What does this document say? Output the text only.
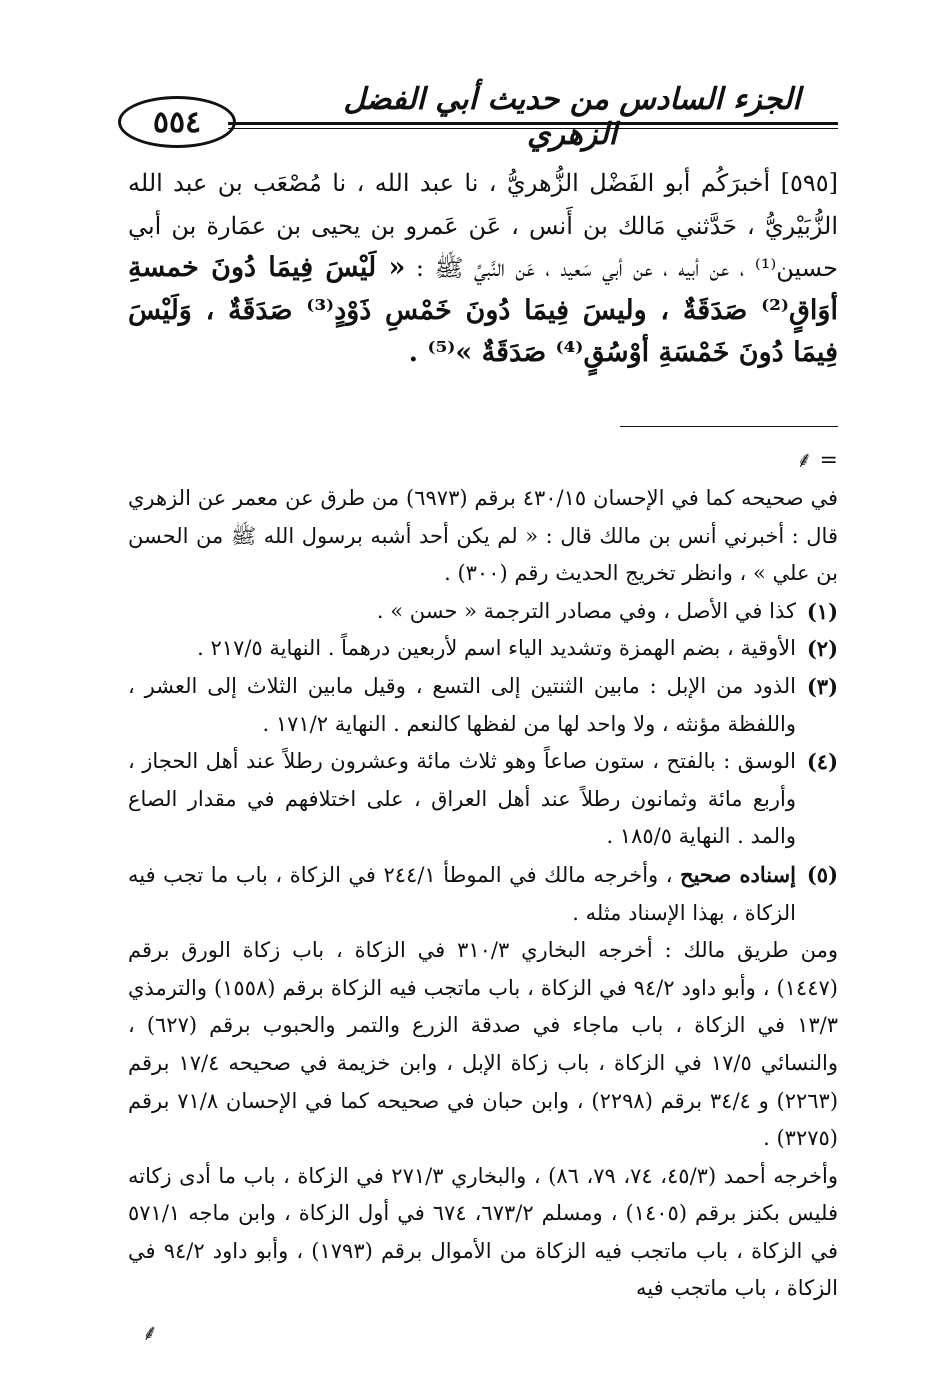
٥٥٤
الجزء السادس من حديث أبي الفضل الزهري

[٥٩٥] أخبرَكُم أبو الفَضْل الزُّهريُّ ، نا عبد الله ، نا مُصْعَب بن عبد الله الزُّبَيْريُّ ، حَدَّثني مَالك بن أَنس ، عَن عَمرو بن يحيى بن عمَارة بن أبي حسين⁽¹⁾ ، عن أبيه ، عن أبي سَعيد ، عَن النَّبيِّ ﷺ : « لَيْسَ فِيمَا دُونَ خمسةِ أوَاقٍ⁽²⁾ صَدَقَةٌ ، وليسَ فِيمَا دُونَ خَمْسِ ذَوْدٍ⁽³⁾ صَدَقَةٌ ، وَلَيْسَ فِيمَا دُونَ خَمْسَةِ أوْسُقٍ⁽⁴⁾ صَدَقَةٌ »⁽⁵⁾ .

= ⸙

في صحيحه كما في الإحسان ٤٣٠/١٥ برقم (٦٩٧٣) من طرق عن معمر عن الزهري قال : أخبرني أنس بن مالك قال : « لم يكن أحد أشبه برسول الله ﷺ من الحسن بن علي » ، وانظر تخريج الحديث رقم (٣٠٠) .

(١)

كذا في الأصل ، وفي مصادر الترجمة « حسن » .

(٢)

الأوقية ، بضم الهمزة وتشديد الياء اسم لأربعين درهماً . النهاية ٢١٧/٥ .

(٣)

الذود من الإبل : مابين الثنتين إلى التسع ، وقيل مابين الثلاث إلى العشر ، واللفظة مؤنثه ، ولا واحد لها من لفظها كالنعم . النهاية ١٧١/٢ .

(٤)

الوسق : بالفتح ، ستون صاعاً وهو ثلاث مائة وعشرون رطلاً عند أهل الحجاز ، وأربع مائة وثمانون رطلاً عند أهل العراق ، على اختلافهم في مقدار الصاع والمد . النهاية ١٨٥/٥ .

(٥)

إسناده صحيح ، وأخرجه مالك في الموطأ ٢٤٤/١ في الزكاة ، باب ما تجب فيه الزكاة ، بهذا الإسناد مثله .

ومن طريق مالك : أخرجه البخاري ٣١٠/٣ في الزكاة ، باب زكاة الورق برقم (١٤٤٧) ، وأبو داود ٩٤/٢ في الزكاة ، باب ماتجب فيه الزكاة برقم (١٥٥٨) والترمذي ١٣/٣ في الزكاة ، باب ماجاء في صدقة الزرع والتمر والحبوب برقم (٦٢٧) ، والنسائي ١٧/٥ في الزكاة ، باب زكاة الإبل ، وابن خزيمة في صحيحه ١٧/٤ برقم (٢٢٦٣) و ٣٤/٤ برقم (٢٢٩٨) ، وابن حبان في صحيحه كما في الإحسان ٧١/٨ برقم (٣٢٧٥) .

وأخرجه أحمد (٤٥/٣، ٧٤، ٧٩، ٨٦) ، والبخاري ٢٧١/٣ في الزكاة ، باب ما أدى زكاته فليس بكنز برقم (١٤٠٥) ، ومسلم ٦٧٣/٢، ٦٧٤ في أول الزكاة ، وابن ماجه ٥٧١/١ في الزكاة ، باب ماتجب فيه الزكاة من الأموال برقم (١٧٩٣) ، وأبو داود ٩٤/٢ في الزكاة ، باب ماتجب فيه

⸙
